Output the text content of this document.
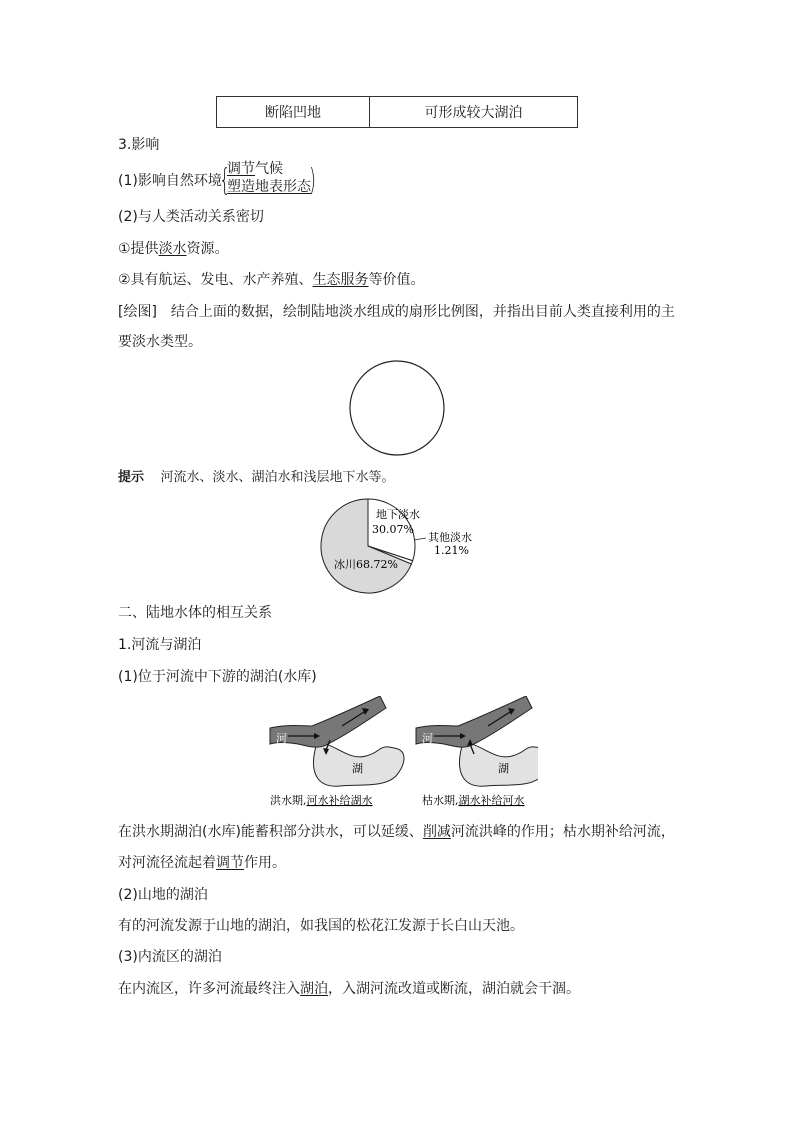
断陷凹地	可形成较大湖泊
3.影响
(1)影响自然环境
{
调节气候
塑造地表形态
)
(2)与人类活动关系密切
①提供淡水资源。
②具有航运、发电、水产养殖、生态服务等价值。
[绘图]　结合上面的数据，绘制陆地淡水组成的扇形比例图，并指出目前人类直接利用的主
要淡水类型。
提示 河流水、淡水、湖泊水和浅层地下水等。
地下淡水
30.07%
其他淡水
1.21%
冰川68.72%
二、陆地水体的相互关系
1.河流与湖泊
(1)位于河流中下游的湖泊(水库)
河
湖
河
湖
洪水期,河水补给湖水	枯水期,湖水补给河水
在洪水期湖泊(水库)能蓄积部分洪水，可以延缓、削减河流洪峰的作用；枯水期补给河流，
对河流径流起着调节作用。
(2)山地的湖泊
有的河流发源于山地的湖泊，如我国的松花江发源于长白山天池。
(3)内流区的湖泊
在内流区，许多河流最终注入湖泊，入湖河流改道或断流，湖泊就会干涸。
